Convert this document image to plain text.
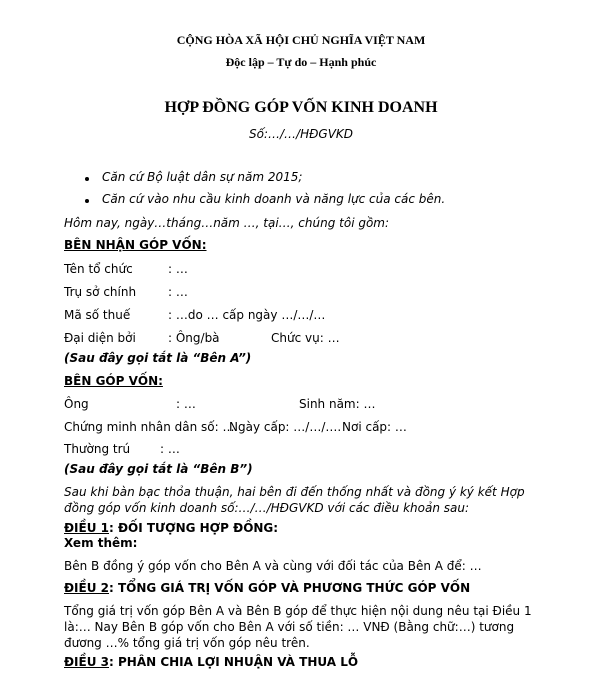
CỘNG HÒA XÃ HỘI CHỦ NGHĨA VIỆT NAM
Độc lập – Tự do – Hạnh phúc
HỢP ĐỒNG GÓP VỐN KINH DOANH
Số:…/…/HĐGVKD
Căn cứ Bộ luật dân sự năm 2015;
Căn cứ vào nhu cầu kinh doanh và năng lực của các bên.
Hôm nay, ngày…tháng…năm …, tại…, chúng tôi gồm:
BÊN NHẬN GÓP VỐN:
Tên tổ chức	: …
Trụ sở chính	: …
Mã số thuế	: …do … cấp ngày …/…/…
Đại diện bởi	: Ông/bà	Chức vụ: …
(Sau đây gọi tắt là “Bên A”)
BÊN GÓP VỐN:
Ông	: …	Sinh năm: …
Chứng minh nhân dân số: …
Ngày cấp: …/…/…. Nơi cấp: …
Thường trú : …
(Sau đây gọi tắt là “Bên B”)
Sau khi bàn bạc thỏa thuận, hai bên đi đến thống nhất và đồng ý ký kết Hợp đồng góp vốn kinh doanh số:…/…/HĐGVKD với các điều khoản sau:
ĐIỀU 1: ĐỐI TƯỢNG HỢP ĐỒNG:
Xem thêm:
Bên B đồng ý góp vốn cho Bên A và cùng với đối tác của Bên A để: …
ĐIỀU 2: TỔNG GIÁ TRỊ VỐN GÓP VÀ PHƯƠNG THỨC GÓP VỐN
Tổng giá trị vốn góp Bên A và Bên B góp để thực hiện nội dung nêu tại Điều 1 là:… Nay Bên B góp vốn cho Bên A với số tiền: … VNĐ (Bằng chữ:…) tương đương …% tổng giá trị vốn góp nêu trên.
ĐIỀU 3: PHÂN CHIA LỢI NHUẬN VÀ THUA LỖ
